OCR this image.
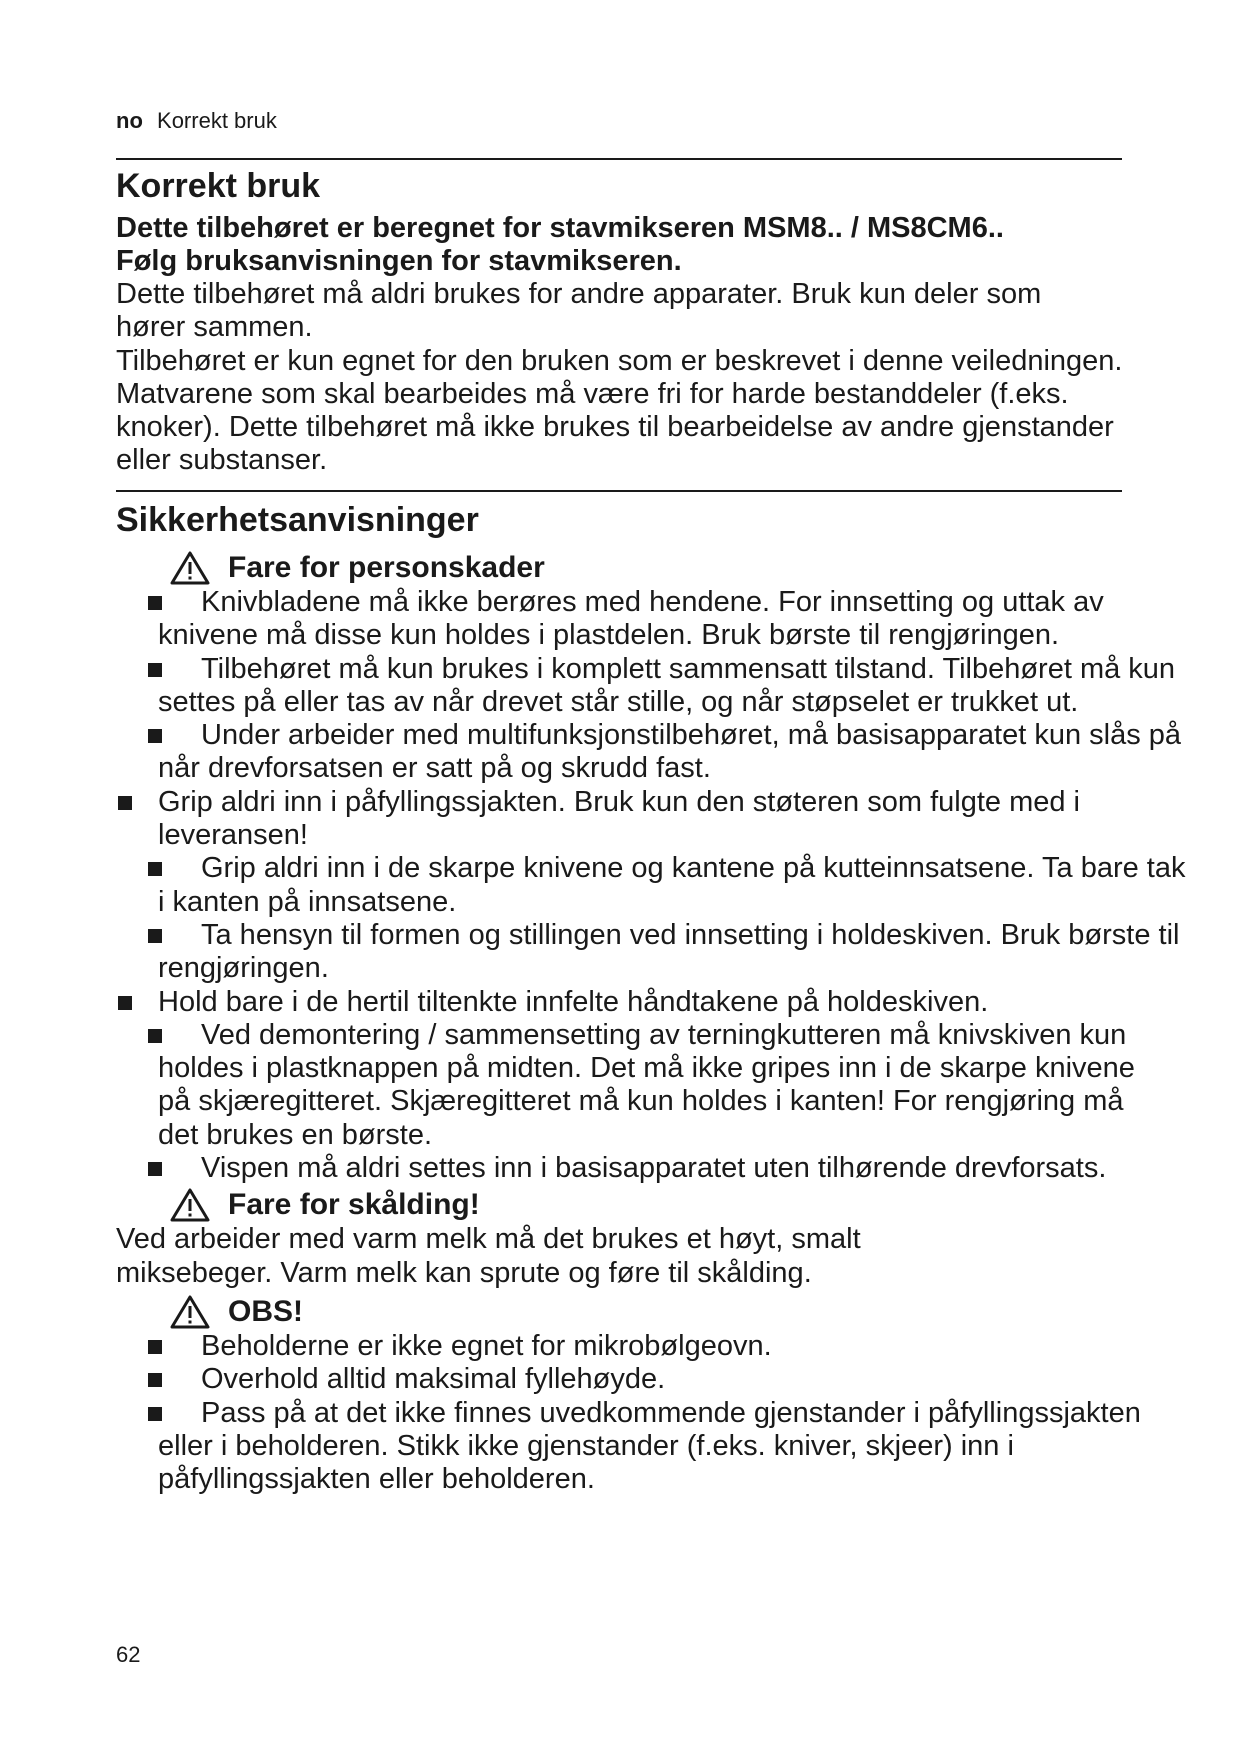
no Korrekt bruk
Korrekt bruk

Dette tilbehøret er beregnet for stavmikseren MSM8.. / MS8CM6..

Følg bruksanvisningen for stavmikseren.

Dette tilbehøret må aldri brukes for andre apparater. Bruk kun deler som hører sammen.

Tilbehøret er kun egnet for den bruken som er beskrevet i denne veiledningen. Matvarene som skal bearbeides må være fri for harde bestanddeler (f.eks. knoker). Dette tilbehøret må ikke brukes til bearbeidelse av andre gjenstander eller substanser.

Sikkerhetsanvisninger
Fare for personskader
Knivbladene må ikke berøres med hendene. For innsetting og uttak av knivene må disse kun holdes i plastdelen. Bruk børste til rengjøringen.
Tilbehøret må kun brukes i komplett sammensatt tilstand. Tilbehøret må kun settes på eller tas av når drevet står stille, og når støpselet er trukket ut.
Under arbeider med multifunksjonstilbehøret, må basisapparatet kun slås på når drevforsatsen er satt på og skrudd fast.
Grip aldri inn i påfyllingssjakten. Bruk kun den støteren som fulgte med i leveransen!
Grip aldri inn i de skarpe knivene og kantene på kutteinnsatsene. Ta bare tak i kanten på innsatsene.
Ta hensyn til formen og stillingen ved innsetting i holdeskiven. Bruk børste til rengjøringen.
Hold bare i de hertil tiltenkte innfelte håndtakene på holdeskiven.
Ved demontering / sammensetting av terningkutteren må knivskiven kun holdes i plastknappen på midten. Det må ikke gripes inn i de skarpe knivene på skjæregitteret. Skjæregitteret må kun holdes i kanten! For rengjøring må det brukes en børste.
Vispen må aldri settes inn i basisapparatet uten tilhørende drevforsats.
Fare for skålding!

Ved arbeider med varm melk må det brukes et høyt, smalt miksebeger. Varm melk kan sprute og føre til skålding.

OBS!
Beholderne er ikke egnet for mikrobølgeovn.
Overhold alltid maksimal fyllehøyde.
Pass på at det ikke finnes uvedkommende gjenstander i påfyllingssjakten eller i beholderen. Stikk ikke gjenstander (f.eks. kniver, skjeer) inn i påfyllingssjakten eller beholderen.
62
